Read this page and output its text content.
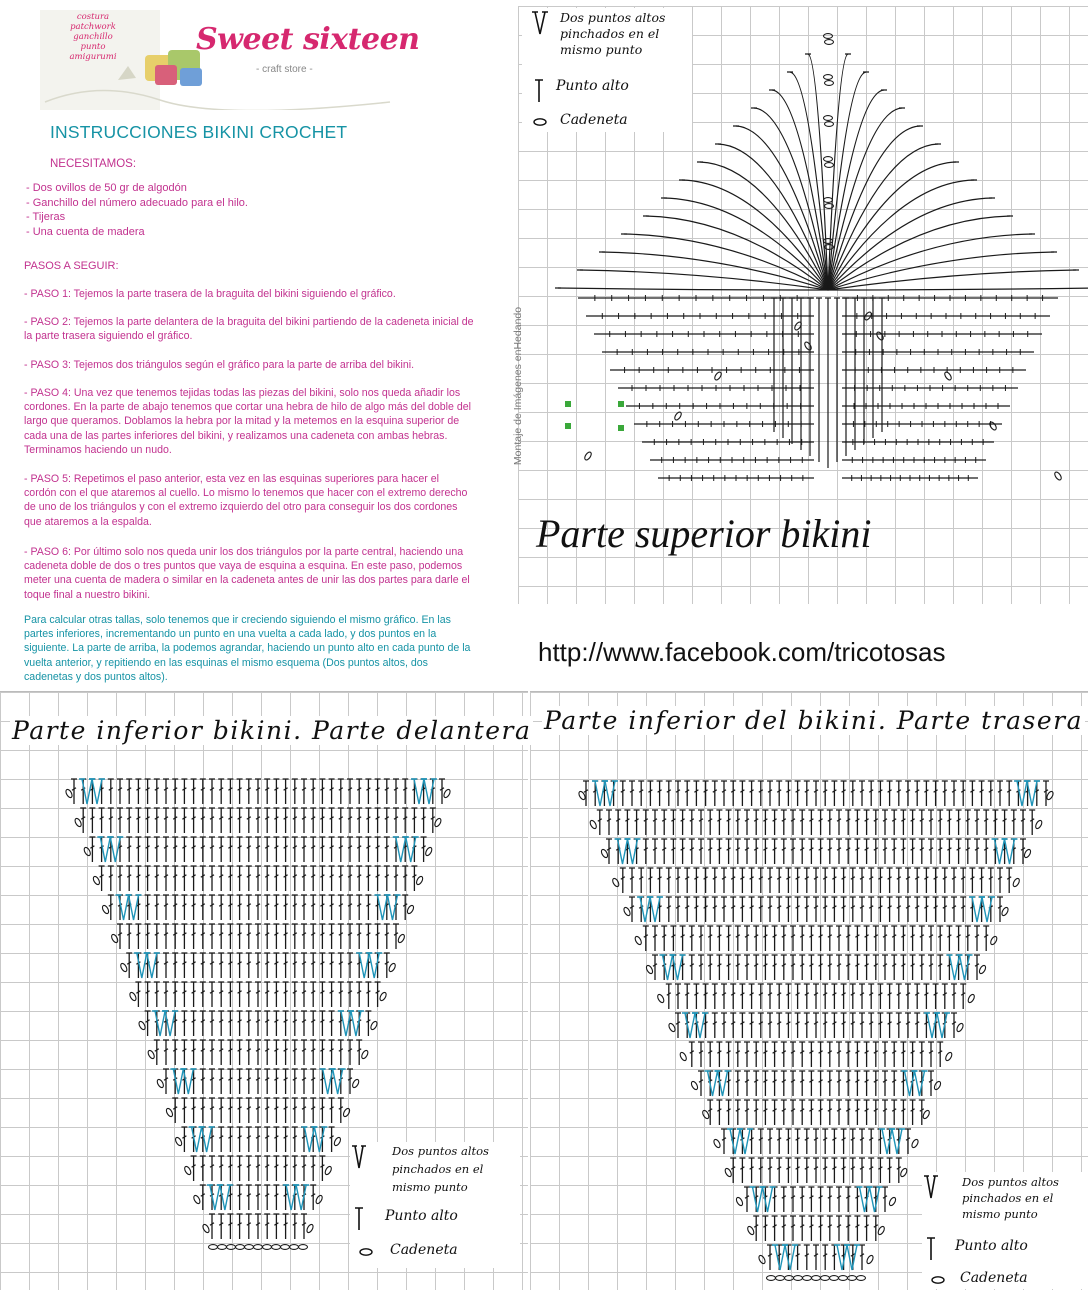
costura
patchwork
ganchillo
punto
amigurumi	Sweet sixteen
- craft store -
INSTRUCCIONES BIKINI CROCHET
NECESITAMOS:
- Dos ovillos de 50 gr de algodón
- Ganchillo del número adecuado para el hilo.
- Tijeras
- Una cuenta de madera
PASOS A SEGUIR:
- PASO 1: Tejemos la parte trasera de la braguita del bikini siguiendo el gráfico.
- PASO 2: Tejemos la parte delantera de la braguita del bikini partiendo de la cadeneta inicial de la parte trasera siguiendo el gráfico.
- PASO 3: Tejemos dos triángulos según el gráfico para la parte de arriba del bikini.
- PASO 4: Una vez que tenemos tejidas todas las piezas del bikini, solo nos queda añadir los cordones. En la parte de abajo tenemos que cortar una hebra de hilo de algo más del doble del largo que queramos. Doblamos la hebra por la mitad y la metemos en la esquina superior de cada una de las partes inferiores del bikini, y realizamos una cadeneta con ambas hebras. Terminamos haciendo un nudo.
- PASO 5: Repetimos el paso anterior, esta vez en las esquinas superiores para hacer el cordón con el que ataremos al cuello. Lo mismo lo tenemos que hacer con el extremo derecho de uno de los triángulos y con el extremo izquierdo del otro para conseguir los dos cordones que ataremos a la espalda.
- PASO 6: Por último solo nos queda unir los dos triángulos por la parte central, haciendo una cadeneta doble de dos o tres puntos que vaya de esquina a esquina. En este paso, podemos meter una cuenta de madera o similar en la cadeneta antes de unir las dos partes para darle el toque final a nuestro bikini.
Para calcular otras tallas, solo tenemos que ir creciendo siguiendo el mismo gráfico. En las partes inferiores, incrementando un punto en una vuelta a cada lado, y dos puntos en la siguiente. La parte de arriba, la podemos agrandar, haciendo un punto alto en cada punto de la vuelta anterior, y repitiendo en las esquinas el mismo esquema (Dos puntos altos, dos cadenetas y dos puntos altos).
Dos puntos altos
pinchados en el
mismo punto
Punto alto
Cadeneta
Montaje de Imágenes enHedando
Parte superior bikini
http://www.facebook.com/tricotosas
Parte inferior bikini. Parte delantera Parte inferior del bikini. Parte trasera
Dos puntos altos
pinchados en el
mismo punto
Punto alto
Cadeneta
Dos puntos altos
pinchados en el
mismo punto
Punto alto
Cadeneta
